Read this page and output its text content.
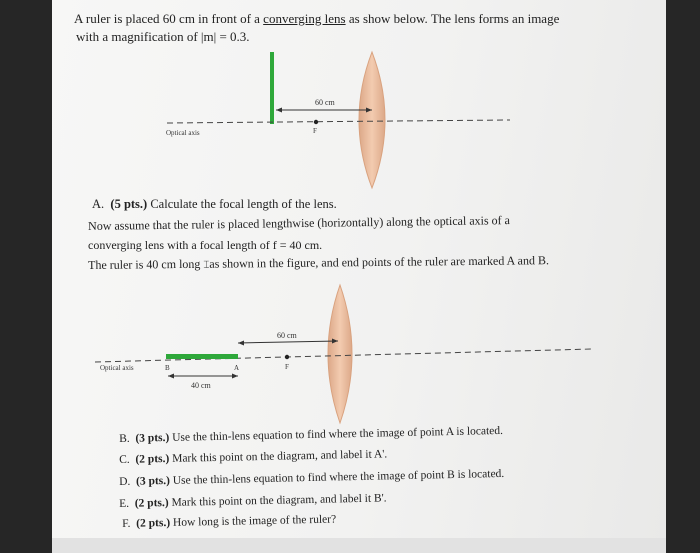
A ruler is placed 60 cm in front of a converging lens as show below. The lens forms an image
with a magnification of |m| = 0.3.
60 cm
Optical axis	F
A. (5 pts.) Calculate the focal length of the lens.
Now assume that the ruler is placed lengthwise (horizontally) along the optical axis of a
converging lens with a focal length of f = 40 cm.
The ruler is 40 cm long ⌶as shown in the figure, and end points of the ruler are marked A and B.
60 cm
Optical axis	B	A	F
40 cm
B. (3 pts.) Use the thin-lens equation to find where the image of point A is located.
C. (2 pts.) Mark this point on the diagram, and label it A'.
D. (3 pts.) Use the thin-lens equation to find where the image of point B is located.
E. (2 pts.) Mark this point on the diagram, and label it B'.
F. (2 pts.) How long is the image of the ruler?
